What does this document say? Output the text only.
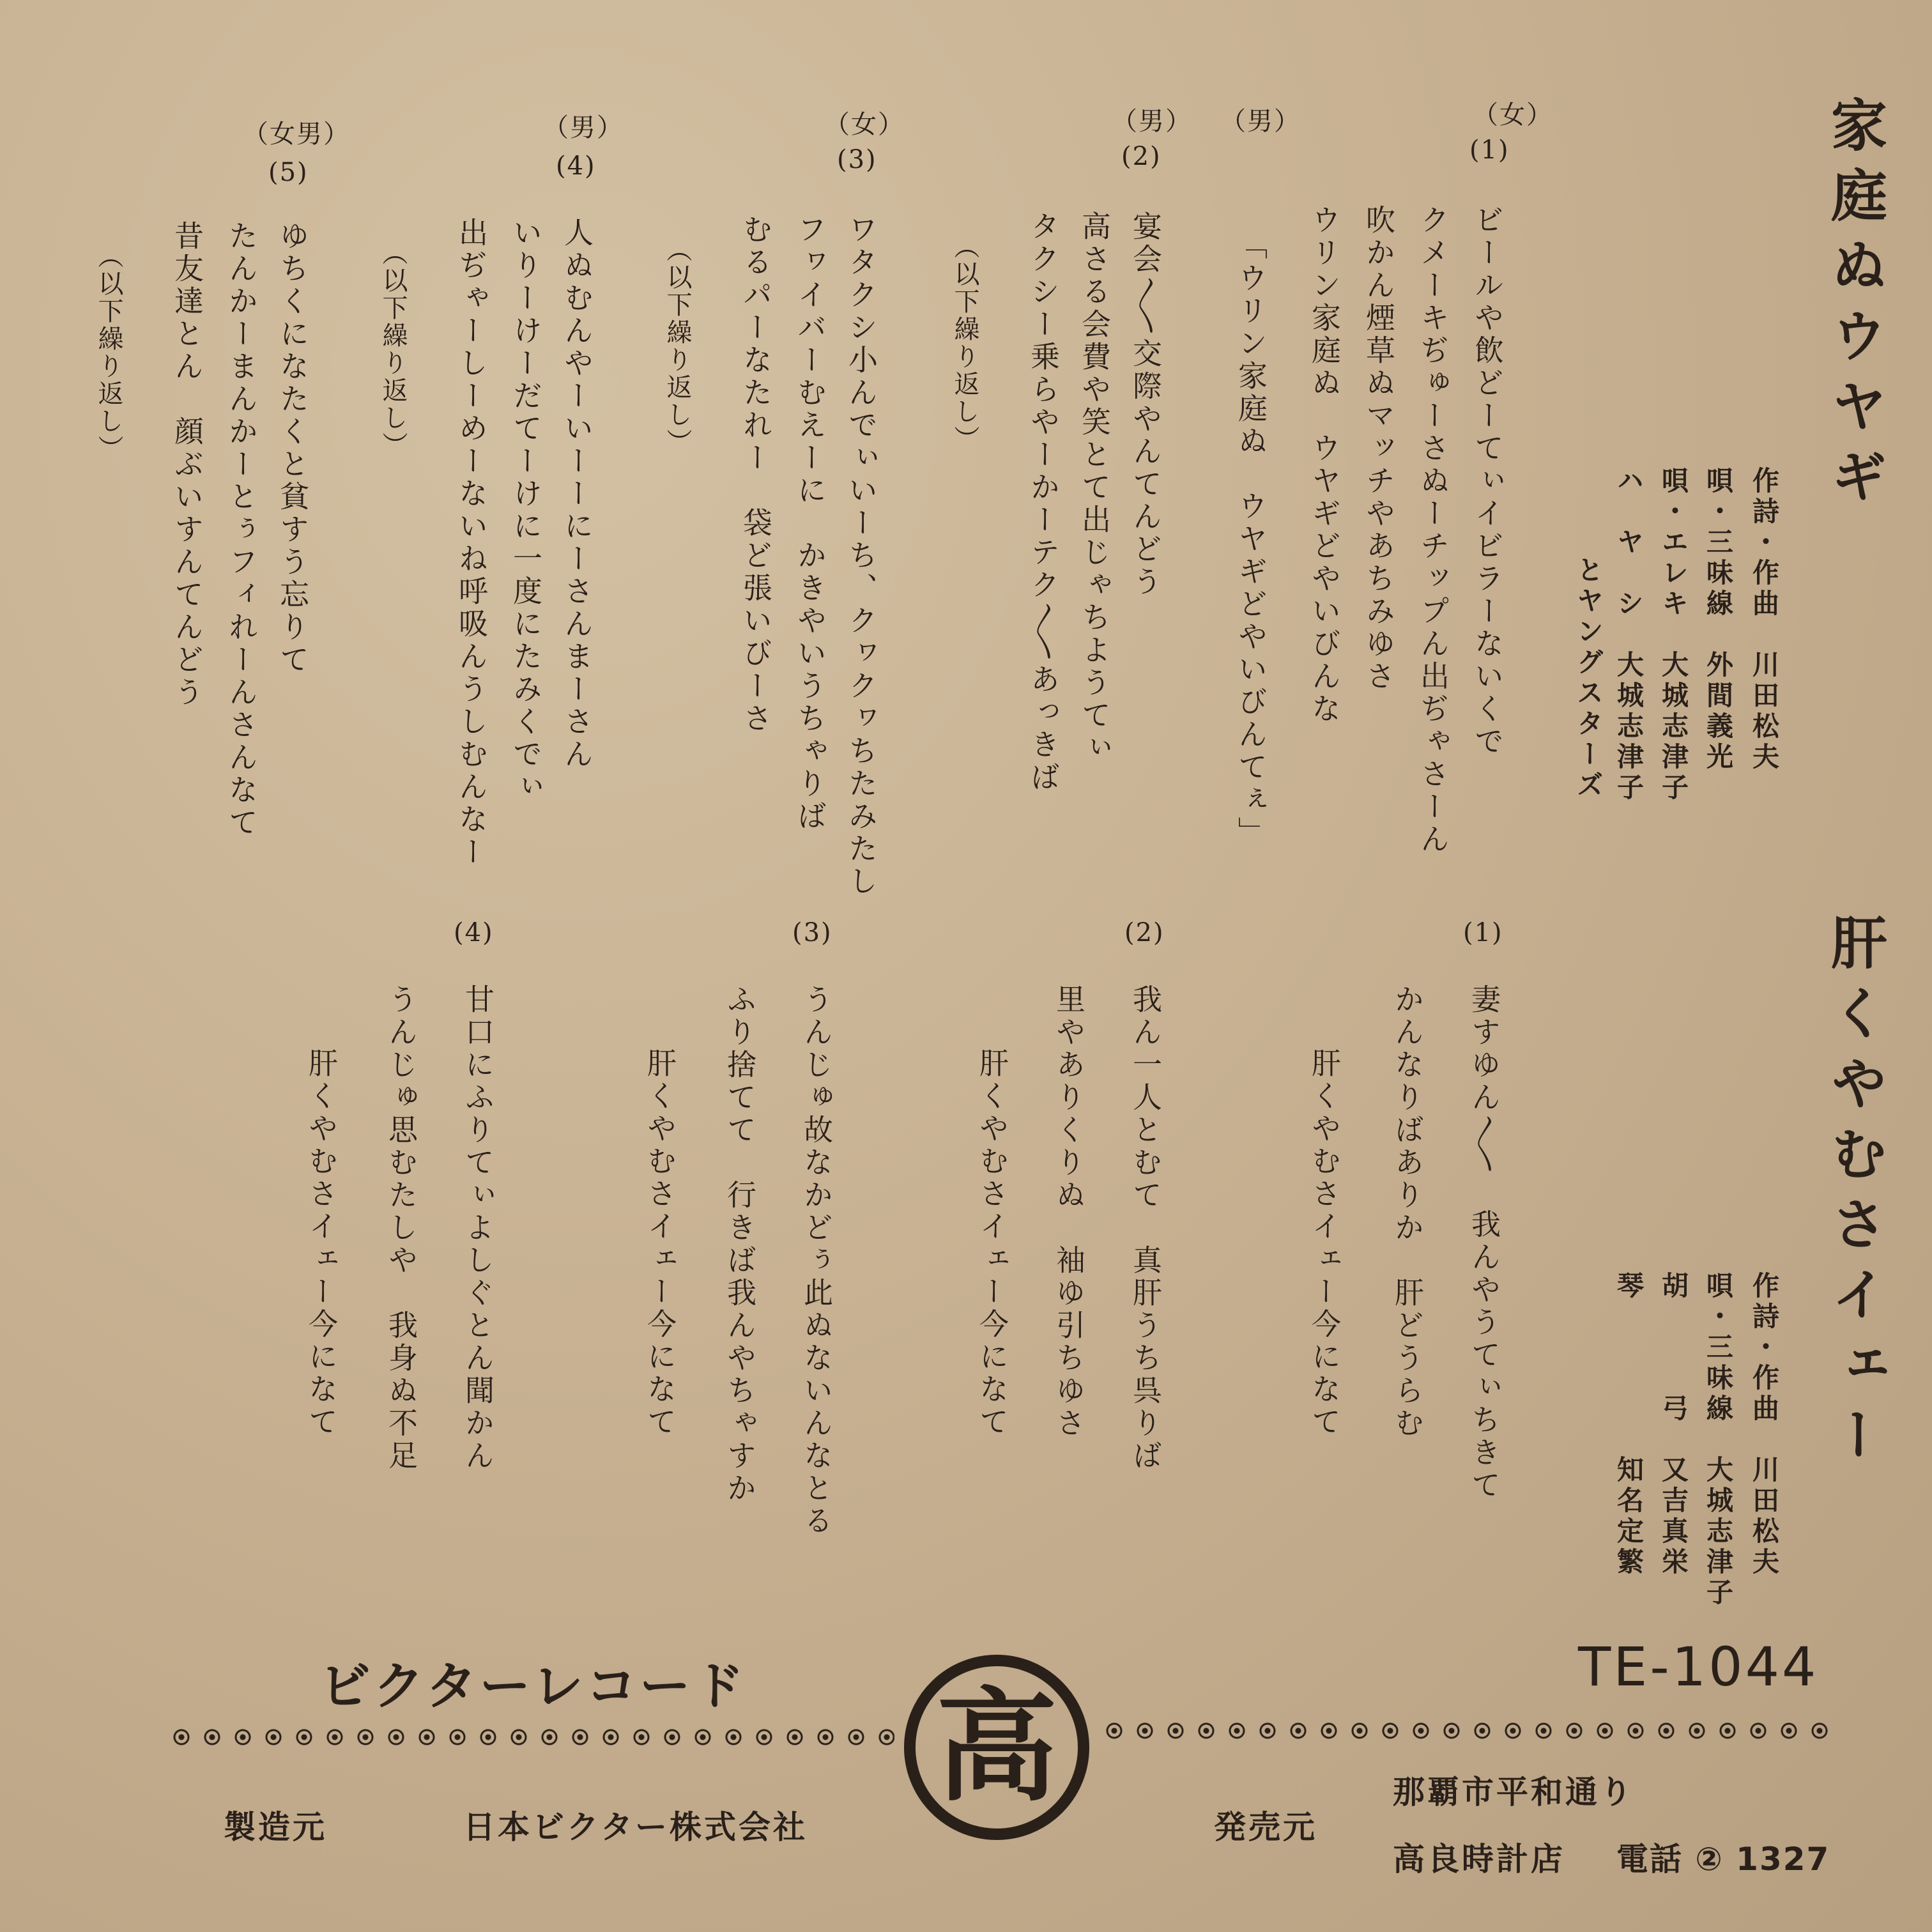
家庭ぬウヤギ
作詩・作曲　川田松夫
唄・三味線　外間義光
唄・エレキ　大城志津子
ハ　ヤ　シ　大城志津子
とヤングスターズ
（女）
(1)
ビールや飲どーてぃイビラーないくで
クメーキぢゅーさぬーチップん出ぢゃさーん
吹かん煙草ぬマッチやあちみゆさ
ウリン家庭ぬ　ウヤギどやいびんな
（男）
「ウリン家庭ぬ　ウヤギどやいびんてぇ」
（男）
(2)
宴会〳〵交際やんてんどう
高さる会費や笑とて出じゃちようてぃ
タクシー乗らやーかーテク〳〵あっきば
（以下繰り返し）
（女）
(3)
ワタクシ小んでぃいーち、クヮクヮちたみたし
フヮイバーむえーに　かきやいうちゃりば
むるパーなたれー　袋ど張いびーさ
（以下繰り返し）
（男）
(4)
人ぬむんやーいーーにーさんまーさん
いりーけーだてーけに一度にたみくでぃ
出ぢゃーしーめーないね呼吸んうしむんなー
（以下繰り返し）
（女男）
(5)
ゆちくになたくと貧すう忘りて
たんかーまんかーとぅフィれーんさんなて
昔友達とん　顔ぶいすんてんどう
（以下繰り返し）
肝くやむさイェー
作詩・作曲　川田松夫
唄・三味線　大城志津子
胡　　　弓　又吉真栄
琴　　　　　知名定繁
(1)
妻すゆん〳〵　我んやうてぃちきて
かんなりばありか　肝どうらむ
肝くやむさイェー今になて
(2)
我ん一人とむて　真肝うち呉りば
里やありくりぬ　袖ゆ引ちゆさ
肝くやむさイェー今になて
(3)
うんじゅ故なかどぅ此ぬないんなとる
ふり捨てて　行きば我んやちゃすか
肝くやむさイェー今になて
(4)
甘口にふりてぃよしぐとん聞かん
うんじゅ思むたしや　我身ぬ不足
肝くやむさイェー今になて
ビクターレコード	TE-1044
高
製造元	日本ビクター株式会社	発売元
那覇市平和通り
高良時計店 電話 ② 1327
